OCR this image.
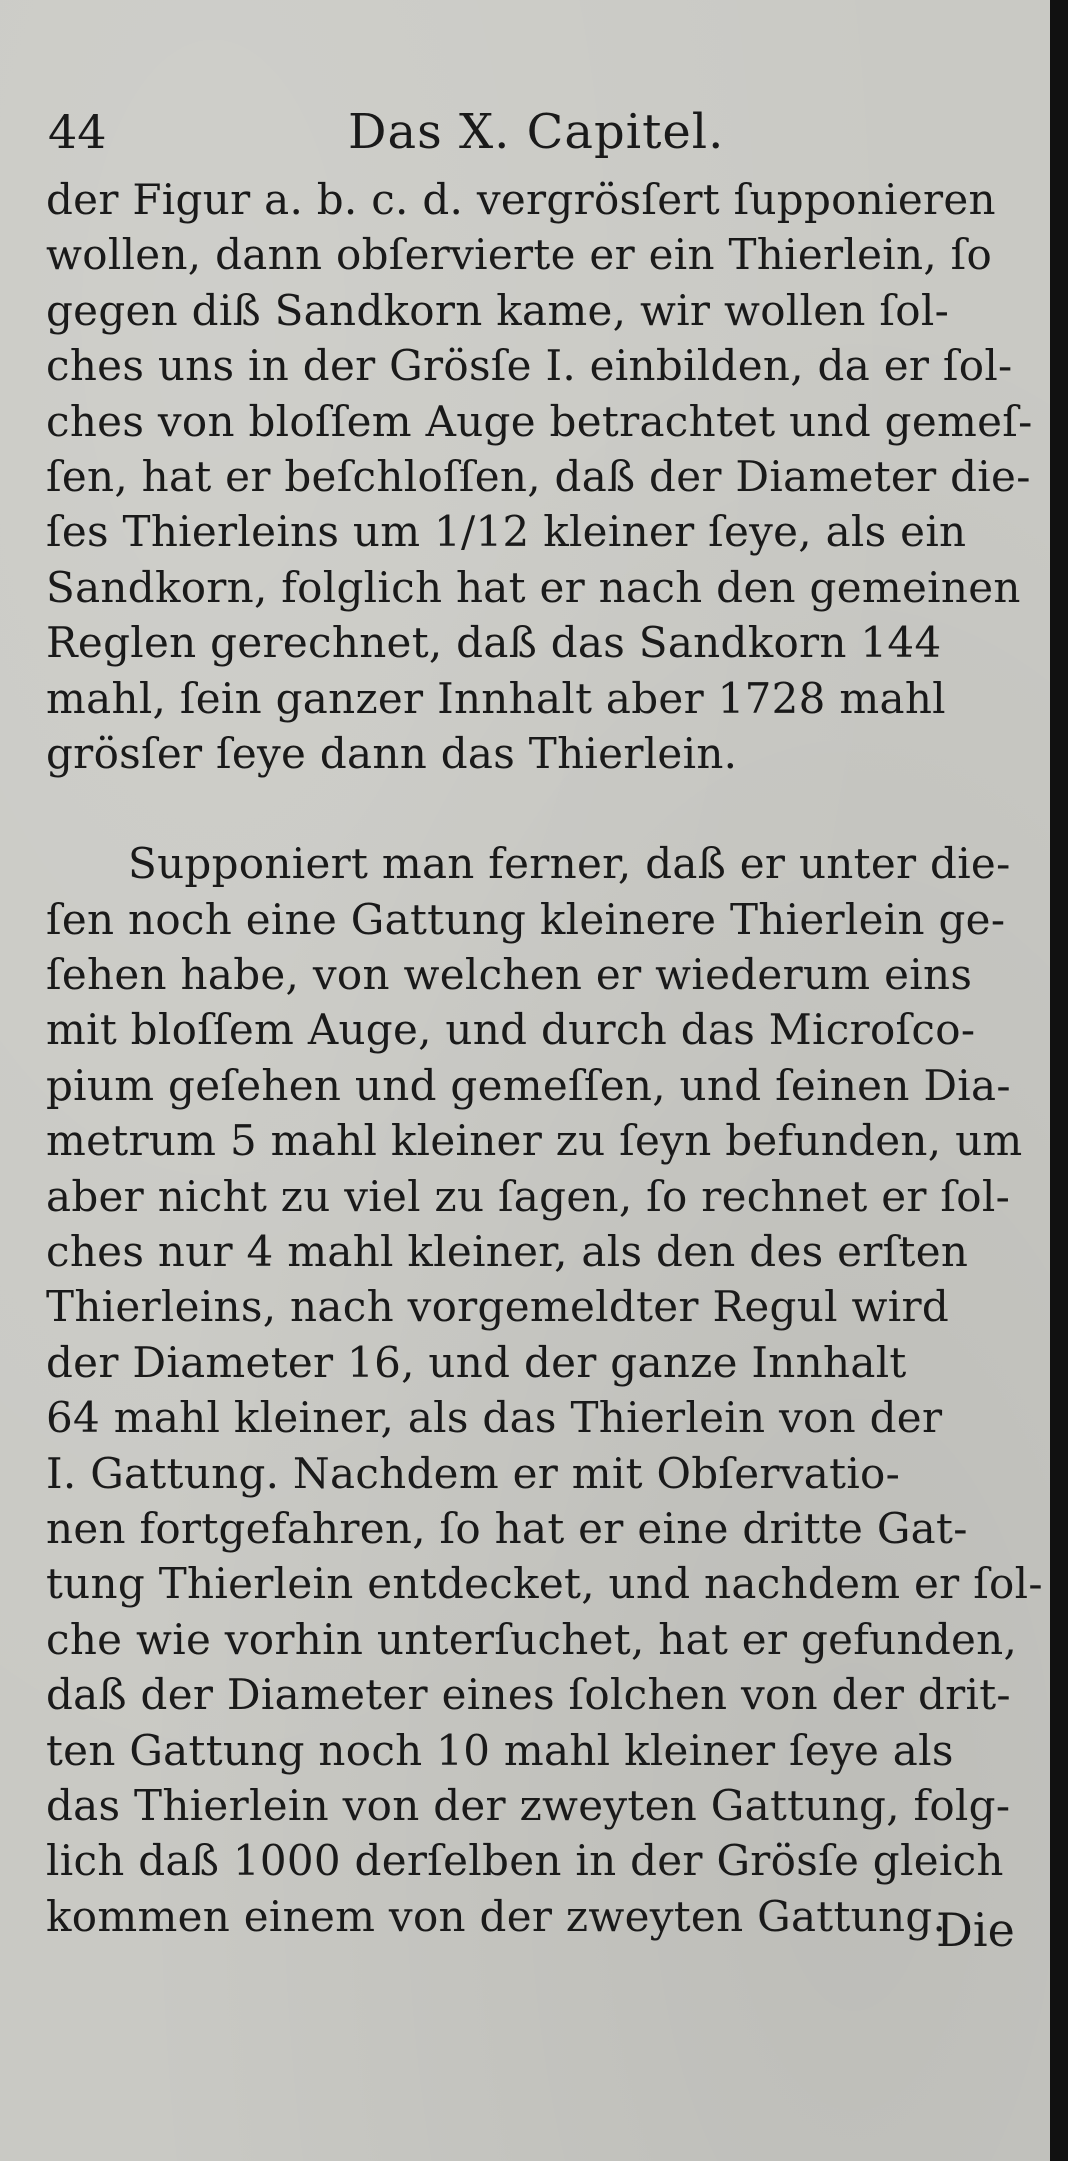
44	Das X. Capitel.
der Figur a. b. c. d. vergrösſert ſupponieren
wollen, dann obſervierte er ein Thierlein, ſo
gegen diß Sandkorn kame, wir wollen ſol-
ches uns in der Grösſe I. einbilden, da er ſol-
ches von bloſſem Auge betrachtet und gemeſ-
ſen, hat er beſchloſſen, daß der Diameter die-
ſes Thierleins um 1/12 kleiner ſeye, als ein
Sandkorn, folglich hat er nach den gemeinen
Reglen gerechnet, daß das Sandkorn 144
mahl, ſein ganzer Innhalt aber 1728 mahl
grösſer ſeye dann das Thierlein.
Supponiert man ferner, daß er unter die-
ſen noch eine Gattung kleinere Thierlein ge-
ſehen habe, von welchen er wiederum eins
mit bloſſem Auge, und durch das Microſco-
pium geſehen und gemeſſen, und ſeinen Dia-
metrum 5 mahl kleiner zu ſeyn befunden, um
aber nicht zu viel zu ſagen, ſo rechnet er ſol-
ches nur 4 mahl kleiner, als den des erſten
Thierleins, nach vorgemeldter Regul wird
der Diameter 16, und der ganze Innhalt
64 mahl kleiner, als das Thierlein von der
I. Gattung. Nachdem er mit Obſervatio-
nen fortgefahren, ſo hat er eine dritte Gat-
tung Thierlein entdecket, und nachdem er ſol-
che wie vorhin unterſuchet, hat er gefunden,
daß der Diameter eines ſolchen von der drit-
ten Gattung noch 10 mahl kleiner ſeye als
das Thierlein von der zweyten Gattung, folg-
lich daß 1000 derſelben in der Grösſe gleich
kommen einem von der zweyten Gattung.
Die
